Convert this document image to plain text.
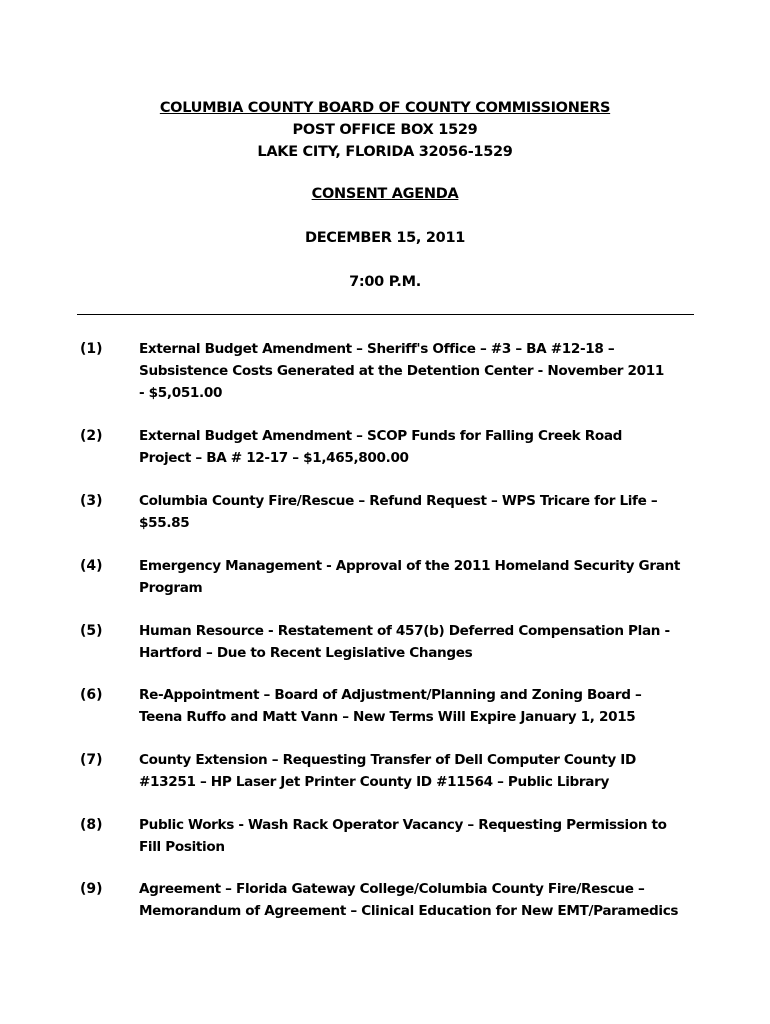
COLUMBIA COUNTY BOARD OF COUNTY COMMISSIONERS
POST OFFICE BOX 1529
LAKE CITY, FLORIDA 32056-1529
CONSENT AGENDA
DECEMBER 15, 2011
7:00 P.M.
(1)	External Budget Amendment – Sheriff's Office – #3 – BA #12-18 –
Subsistence Costs Generated at the Detention Center - November 2011
- $5,051.00
(2)	External Budget Amendment – SCOP Funds for Falling Creek Road
Project – BA # 12-17 – $1,465,800.00
(3)	Columbia County Fire/Rescue – Refund Request – WPS Tricare for Life –
$55.85
(4)	Emergency Management - Approval of the 2011 Homeland Security Grant
Program
(5)	Human Resource - Restatement of 457(b) Deferred Compensation Plan -
Hartford – Due to Recent Legislative Changes
(6)	Re-Appointment – Board of Adjustment/Planning and Zoning Board –
Teena Ruffo and Matt Vann – New Terms Will Expire January 1, 2015
(7)	County Extension – Requesting Transfer of Dell Computer County ID
#13251 – HP Laser Jet Printer County ID #11564 – Public Library
(8)	Public Works - Wash Rack Operator Vacancy – Requesting Permission to
Fill Position
(9)	Agreement – Florida Gateway College/Columbia County Fire/Rescue –
Memorandum of Agreement – Clinical Education for New EMT/Paramedics
